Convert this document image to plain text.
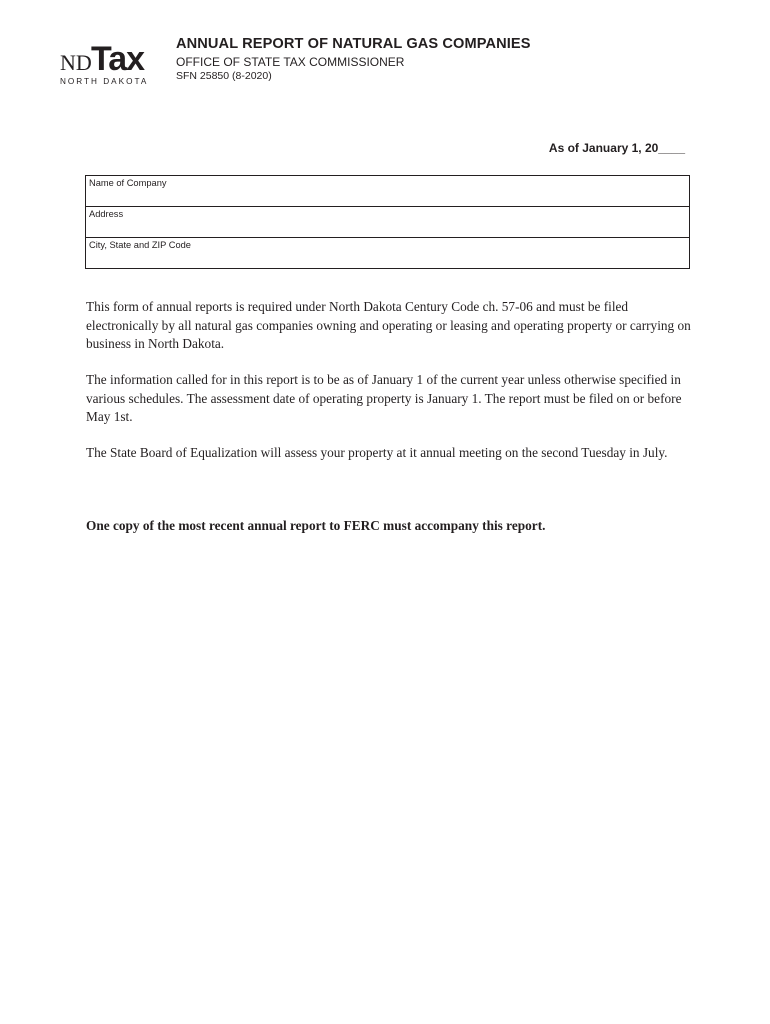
ND Tax
NORTH DAKOTA
ANNUAL REPORT OF NATURAL GAS COMPANIES
OFFICE OF STATE TAX COMMISSIONER
SFN 25850 (8-2020)
As of January 1, 20____
Name of Company
Address
City, State and ZIP Code

This form of annual reports is required under North Dakota Century Code ch. 57-06 and must be filed electronically by all natural gas companies owning and operating or leasing and operating property or carrying on business in North Dakota.

The information called for in this report is to be as of January 1 of the current year unless otherwise specified in various schedules. The assessment date of operating property is January 1. The report must be filed on or before May 1st.

The State Board of Equalization will assess your property at it annual meeting on the second Tuesday in July.

One copy of the most recent annual report to FERC must accompany this report.
